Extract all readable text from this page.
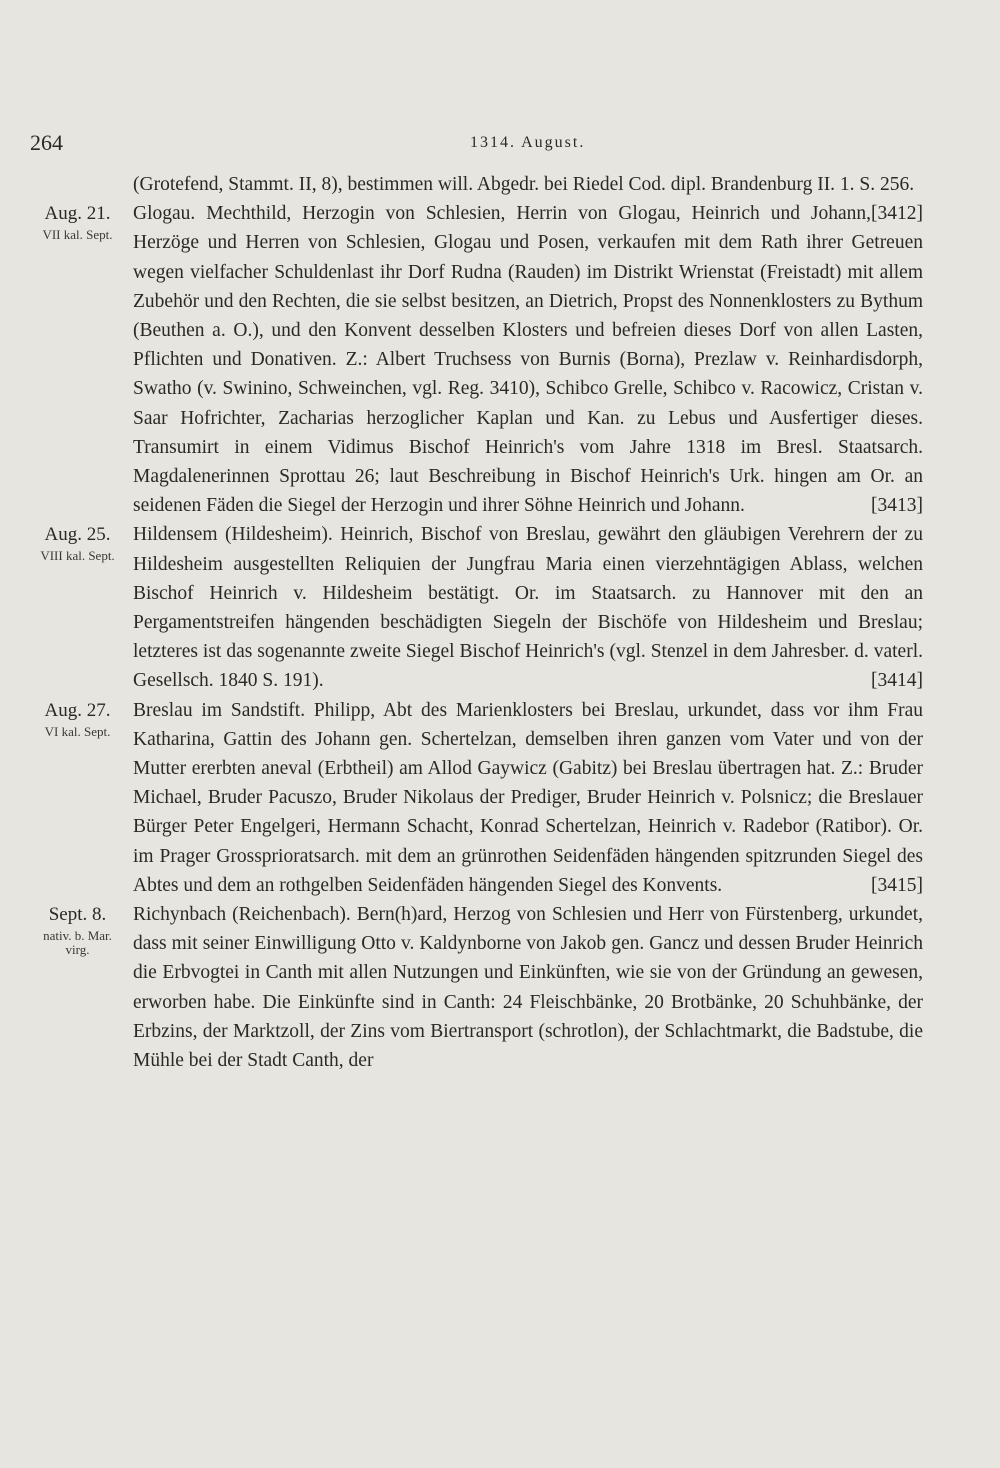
264	1314. August.

(Grotefend, Stammt. II, 8), bestimmen will. Abgedr. bei Riedel Cod. dipl. Brandenburg II. 1. S. 256.
[3412]

Aug. 21.
VII kal. Sept.

Glogau. Mechthild, Herzogin von Schlesien, Herrin von Glogau, Heinrich und Johann, Herzöge und Herren von Schlesien, Glogau und Posen, verkaufen mit dem Rath ihrer Getreuen wegen vielfacher Schuldenlast ihr Dorf Rudna (Rauden) im Distrikt Wrienstat (Freistadt) mit allem Zubehör und den Rechten, die sie selbst besitzen, an Dietrich, Propst des Nonnenklosters zu Bythum (Beuthen a. O.), und den Konvent desselben Klosters und befreien dieses Dorf von allen Lasten, Pflichten und Donativen. Z.: Albert Truchsess von Burnis (Borna), Prezlaw v. Reinhardisdorph, Swatho (v. Swinino, Schweinchen, vgl. Reg. 3410), Schibco Grelle, Schibco v. Racowicz, Cristan v. Saar Hofrichter, Zacharias herzoglicher Kaplan und Kan. zu Lebus und Ausfertiger dieses. Transumirt in einem Vidimus Bischof Heinrich's vom Jahre 1318 im Bresl. Staatsarch. Magdalenerinnen Sprottau 26; laut Beschreibung in Bischof Heinrich's Urk. hingen am Or. an seidenen Fäden die Siegel der Herzogin und ihrer Söhne Heinrich und Johann.	[3413]

Aug. 25.
VIII kal. Sept.

Hildensem (Hildesheim). Heinrich, Bischof von Breslau, gewährt den gläubigen Verehrern der zu Hildesheim ausgestellten Reliquien der Jungfrau Maria einen vierzehntägigen Ablass, welchen Bischof Heinrich v. Hildesheim bestätigt. Or. im Staatsarch. zu Hannover mit den an Pergamentstreifen hängenden beschädigten Siegeln der Bischöfe von Hildesheim und Breslau; letzteres ist das sogenannte zweite Siegel Bischof Heinrich's (vgl. Stenzel in dem Jahresber. d. vaterl. Gesellsch. 1840 S. 191).	[3414]

Aug. 27.
VI kal. Sept.

Breslau im Sandstift. Philipp, Abt des Marienklosters bei Breslau, urkundet, dass vor ihm Frau Katharina, Gattin des Johann gen. Schertelzan, demselben ihren ganzen vom Vater und von der Mutter ererbten aneval (Erbtheil) am Allod Gaywicz (Gabitz) bei Breslau übertragen hat. Z.: Bruder Michael, Bruder Pacuszo, Bruder Nikolaus der Prediger, Bruder Heinrich v. Polsnicz; die Breslauer Bürger Peter Engelgeri, Hermann Schacht, Konrad Schertelzan, Heinrich v. Radebor (Ratibor). Or. im Prager Grossprioratsarch. mit dem an grünrothen Seidenfäden hängenden spitzrunden Siegel des Abtes und dem an rothgelben Seidenfäden hängenden Siegel des Konvents.	[3415]

Sept. 8.
nativ. b. Mar. virg.

Richynbach (Reichenbach). Bern(h)ard, Herzog von Schlesien und Herr von Fürstenberg, urkundet, dass mit seiner Einwilligung Otto v. Kaldynborne von Jakob gen. Gancz und dessen Bruder Heinrich die Erbvogtei in Canth mit allen Nutzungen und Einkünften, wie sie von der Gründung an gewesen, erworben habe. Die Einkünfte sind in Canth: 24 Fleischbänke, 20 Brotbänke, 20 Schuhbänke, der Erbzins, der Marktzoll, der Zins vom Biertransport (schrotlon), der Schlachtmarkt, die Badstube, die Mühle bei der Stadt Canth, der
